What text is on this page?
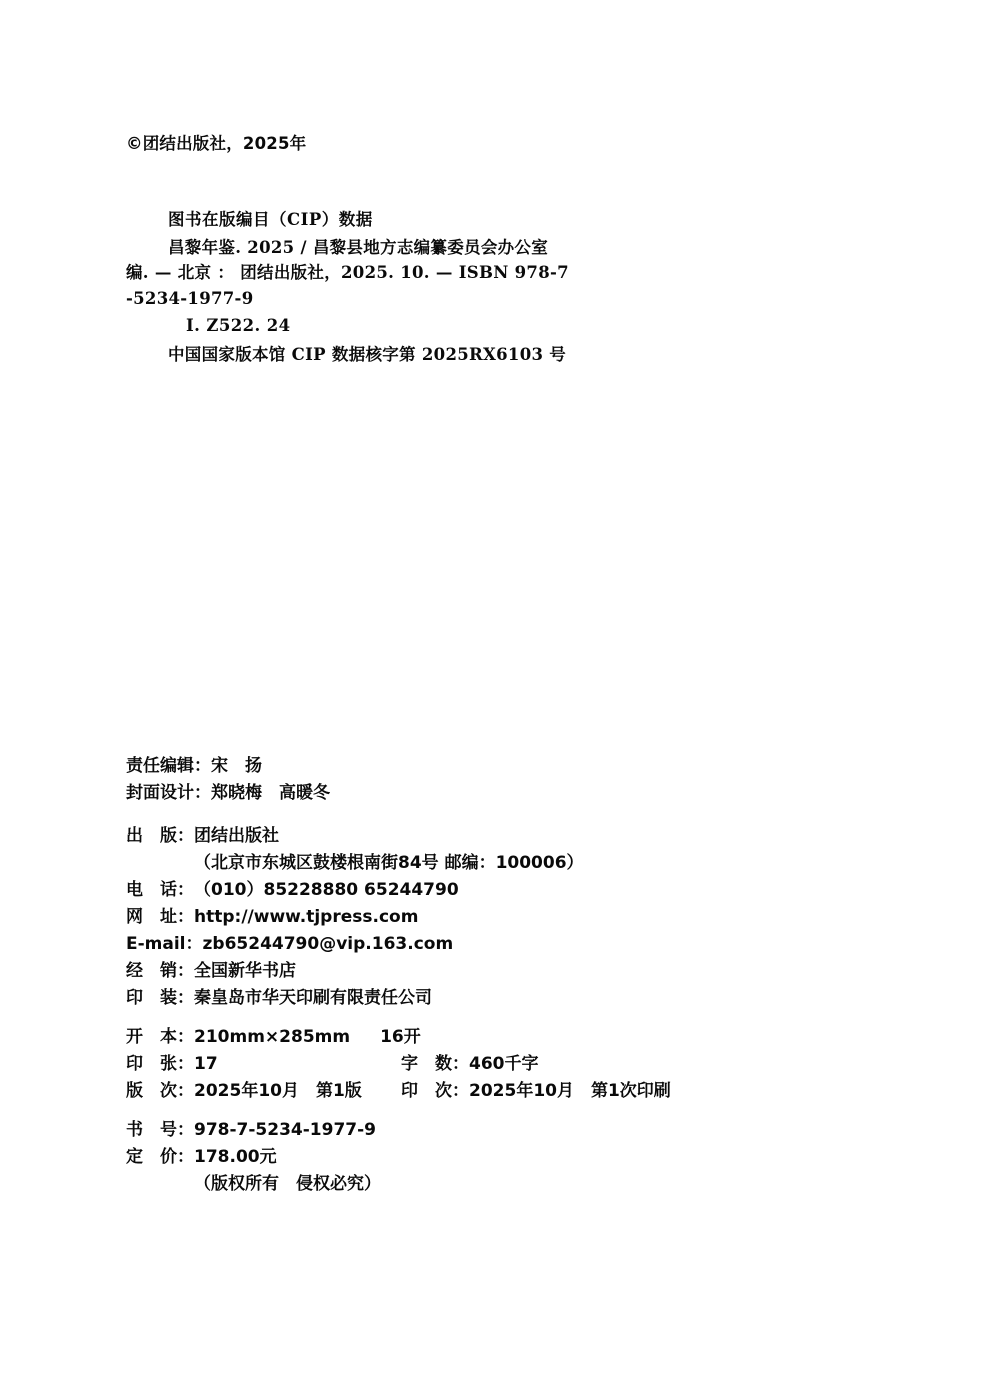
©团结出版社，2025年
图书在版编目（CIP）数据
昌黎年鉴. 2025 / 昌黎县地方志编纂委员会办公室
编. — 北京 ： 团结出版社，2025. 10. — ISBN 978-7
-5234-1977-9
Ⅰ. Z522. 24
中国国家版本馆 CIP 数据核字第 2025RX6103 号
责任编辑：宋　扬
封面设计：郑晓梅　高暖冬
出　版：团结出版社
（北京市东城区鼓楼根南街84号 邮编：100006）
电　话：（010）85228880 65244790
网　址：http://www.tjpress.com
E-mail：zb65244790@vip.163.com
经　销：全国新华书店
印　装：秦皇岛市华天印刷有限责任公司
开　本：210mm×285mm 16开
印　张：17	字　数：460千字
版　次：2025年10月　第1版 印　次：2025年10月　第1次印刷
书　号：978-7-5234-1977-9
定　价：178.00元
（版权所有　侵权必究）
